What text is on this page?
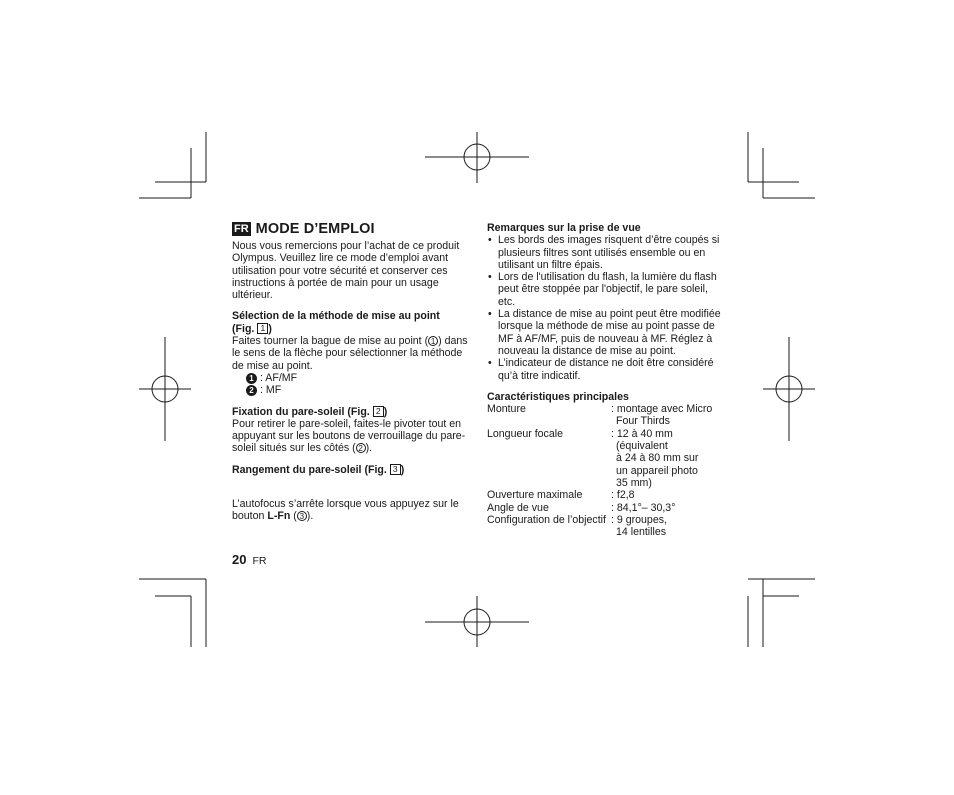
FR MODE D’EMPLOI

Nous vous remercions pour l’achat de ce produit Olympus. Veuillez lire ce mode d’emploi avant utilisation pour votre sécurité et conserver ces instructions à portée de main pour un usage ultérieur.

Sélection de la méthode de mise au point
(Fig. 1 )

Faites tourner la bague de mise au point ( 1 ) dans le sens de la flèche pour sélectionner la méthode de mise au point.

1 : AF/MF
2 : MF

Fixation du pare-soleil (Fig. 2 )

Pour retirer le pare-soleil, faites-le pivoter tout en appuyant sur les boutons de verrouillage du pare-soleil situés sur les côtés ( 2 ).

Rangement du pare-soleil (Fig. 3 )

L’autofocus s’arrête lorsque vous appuyez sur le bouton L-Fn ( 3 ).

Remarques sur la prise de vue

• Les bords des images risquent d’être coupés si plusieurs filtres sont utilisés ensemble ou en utilisant un filtre épais.
• Lors de l'utilisation du flash, la lumière du flash peut être stoppée par l'objectif, le pare soleil, etc.
• La distance de mise au point peut être modifiée lorsque la méthode de mise au point passe de MF à AF/MF, puis de nouveau à MF. Réglez à nouveau la distance de mise au point.
• L’indicateur de distance ne doit être considéré qu’à titre indicatif.

Caractéristiques principales

Monture	: montage avec Micro
Four Thirds
Longueur focale	: 12 à 40 mm
(équivalent
à 24 à 80 mm sur
un appareil photo
35 mm)
Ouverture maximale	: f2,8
Angle de vue	: 84,1°– 30,3°
Configuration de l’objectif : 9 groupes,
14 lentilles
20 FR
